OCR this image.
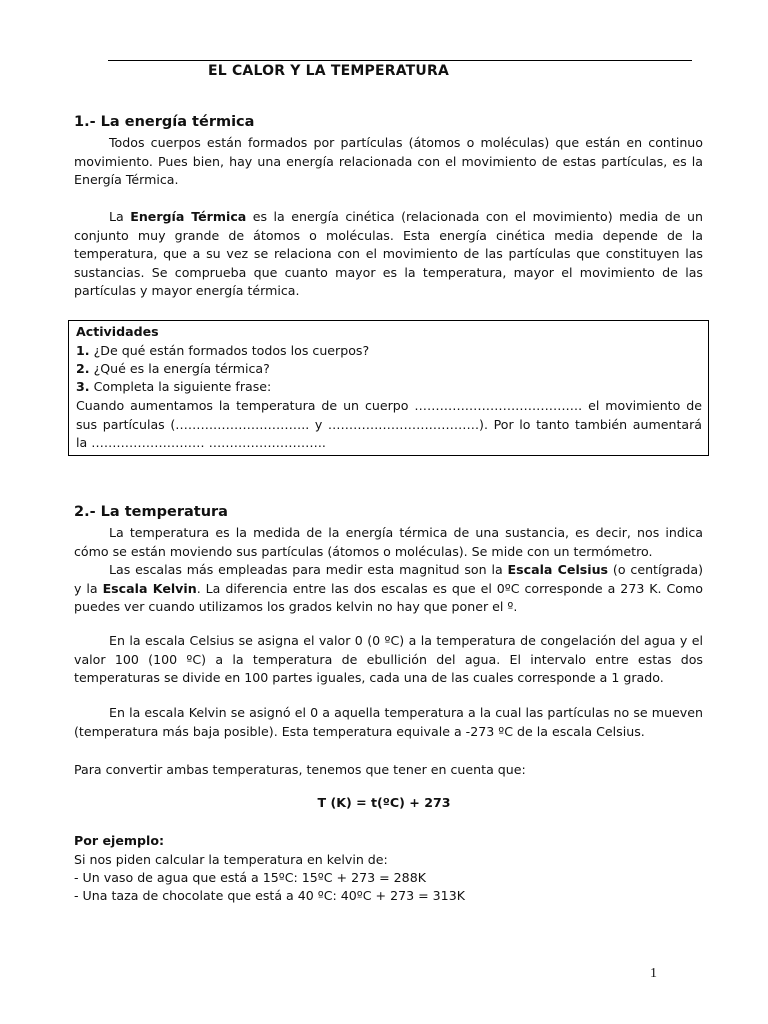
EL CALOR Y LA TEMPERATURA
1.- La energía térmica

Todos cuerpos están formados por partículas (átomos o moléculas) que están en continuo movimiento. Pues bien, hay una energía relacionada con el movimiento de estas partículas, es la Energía Térmica.

La Energía Térmica es la energía cinética (relacionada con el movimiento) media de un conjunto muy grande de átomos o moléculas. Esta energía cinética media depende de la temperatura, que a su vez se relaciona con el movimiento de las partículas que constituyen las sustancias. Se comprueba que cuanto mayor es la temperatura, mayor el movimiento de las partículas y mayor energía térmica.

Actividades

1. ¿De qué están formados todos los cuerpos?

2. ¿Qué es la energía térmica?

3. Completa la siguiente frase:

Cuando aumentamos la temperatura de un cuerpo …………………………………. el movimiento de sus partículas (………………………….. y ………………………………). Por lo tanto también aumentará la ……………………… ……………………….

2.- La temperatura

La temperatura es la medida de la energía térmica de una sustancia, es decir, nos indica cómo se están moviendo sus partículas (átomos o moléculas). Se mide con un termómetro.

Las escalas más empleadas para medir esta magnitud son la Escala Celsius (o centígrada) y la Escala Kelvin. La diferencia entre las dos escalas es que el 0ºC corresponde a 273 K. Como puedes ver cuando utilizamos los grados kelvin no hay que poner el º.

En la escala Celsius se asigna el valor 0 (0 ºC) a la temperatura de congelación del agua y el valor 100 (100 ºC) a la temperatura de ebullición del agua. El intervalo entre estas dos temperaturas se divide en 100 partes iguales, cada una de las cuales corresponde a 1 grado.

En la escala Kelvin se asignó el 0 a aquella temperatura a la cual las partículas no se mueven (temperatura más baja posible). Esta temperatura equivale a -273 ºC de la escala Celsius.

Para convertir ambas temperaturas, tenemos que tener en cuenta que:

T (K) = t(ºC) + 273

Por ejemplo:

Si nos piden calcular la temperatura en kelvin de:

- Un vaso de agua que está a 15ºC: 15ºC + 273 = 288K

- Una taza de chocolate que está a 40 ºC: 40ºC + 273 = 313K

1
